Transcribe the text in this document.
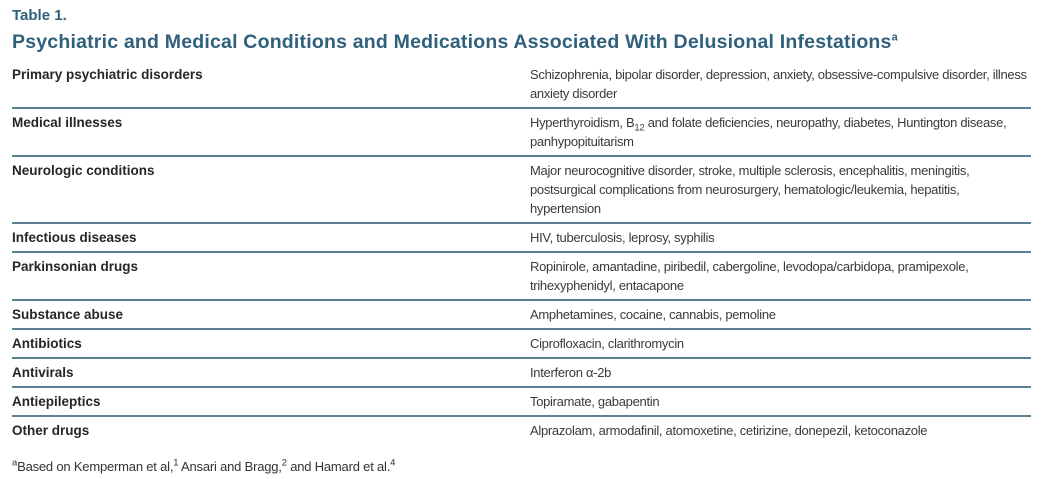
Table 1.
Psychiatric and Medical Conditions and Medications Associated With Delusional Infestations$^a$
Primary psychiatric disorders	Schizophrenia, bipolar disorder, depression, anxiety, obsessive-compulsive disorder, illness anxiety disorder
Medical illnesses	Hyperthyroidism, $B_{12}$ and folate deficiencies, neuropathy, diabetes, Huntington disease, panhypopituitarism
Neurologic conditions	Major neurocognitive disorder, stroke, multiple sclerosis, encephalitis, meningitis, postsurgical complications from neurosurgery, hematologic/leukemia, hepatitis, hypertension
Infectious diseases	HIV, tuberculosis, leprosy, syphilis
Parkinsonian drugs	Ropinirole, amantadine, piribedil, cabergoline, levodopa/carbidopa, pramipexole, trihexyphenidyl, entacapone
Substance abuse	Amphetamines, cocaine, cannabis, pemoline
Antibiotics	Ciprofloxacin, clarithromycin
Antivirals	Interferon α-2b
Antiepileptics	Topiramate, gabapentin
Other drugs	Alprazolam, armodafinil, atomoxetine, cetirizine, donepezil, ketoconazole

$^a$Based on Kemperman et al,$^1$ Ansari and Bragg,$^2$ and Hamard et al.$^4$
